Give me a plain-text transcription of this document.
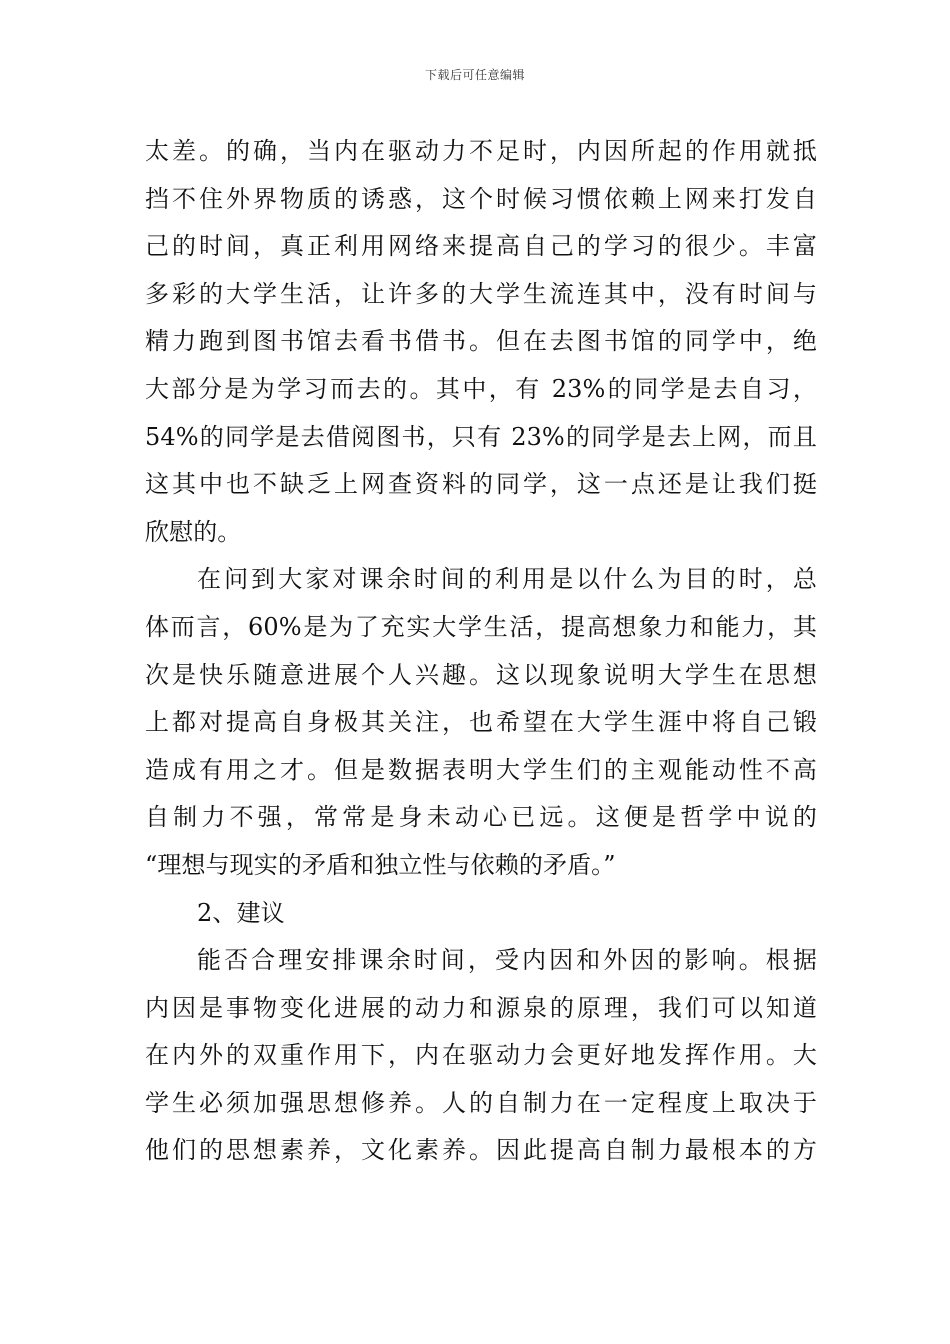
下载后可任意编辑
太差。的确，当内在驱动力不足时，内因所起的作用就抵
挡不住外界物质的诱惑，这个时候习惯依赖上网来打发自
己的时间，真正利用网络来提高自己的学习的很少。丰富
多彩的大学生活，让许多的大学生流连其中，没有时间与
精力跑到图书馆去看书借书。但在去图书馆的同学中，绝
大部分是为学习而去的。其中，有 23%的同学是去自习，
54%的同学是去借阅图书，只有 23%的同学是去上网，而且
这其中也不缺乏上网查资料的同学，这一点还是让我们挺
欣慰的。
在问到大家对课余时间的利用是以什么为目的时，总
体而言，60%是为了充实大学生活，提高想象力和能力，其
次是快乐随意进展个人兴趣。这以现象说明大学生在思想
上都对提高自身极其关注，也希望在大学生涯中将自己锻
造成有用之才。但是数据表明大学生们的主观能动性不高
自制力不强，常常是身未动心已远。这便是哲学中说的
“理想与现实的矛盾和独立性与依赖的矛盾。”
2、建议
能否合理安排课余时间，受内因和外因的影响。根据
内因是事物变化进展的动力和源泉的原理，我们可以知道
在内外的双重作用下，内在驱动力会更好地发挥作用。大
学生必须加强思想修养。人的自制力在一定程度上取决于
他们的思想素养，文化素养。因此提高自制力最根本的方
